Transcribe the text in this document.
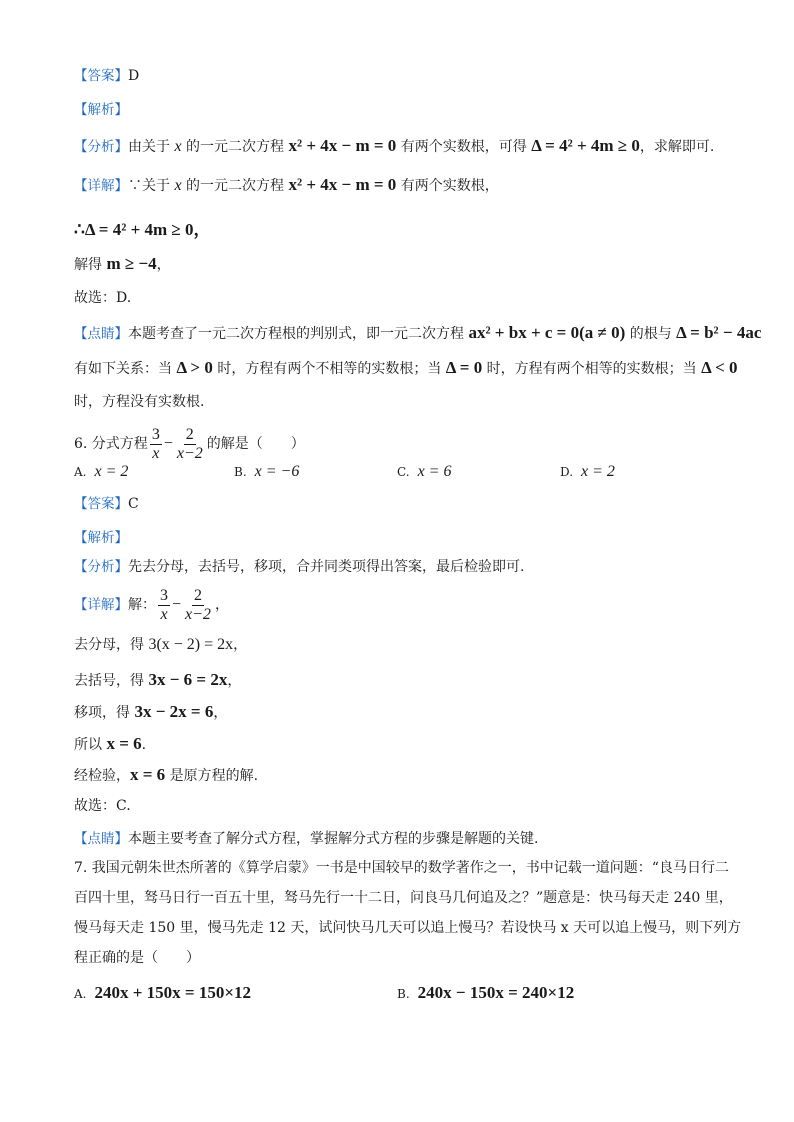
【答案】D
【解析】
【分析】由关于 x 的一元二次方程 x² + 4x − m = 0 有两个实数根，可得 Δ = 4² + 4m ≥ 0，求解即可.
【详解】∵关于 x 的一元二次方程 x² + 4x − m = 0 有两个实数根，
∴Δ = 4² + 4m ≥ 0，
解得 m ≥ −4，
故选：D.
【点睛】本题考查了一元二次方程根的判别式，即一元二次方程 ax² + bx + c = 0(a ≠ 0) 的根与 Δ = b² − 4ac
有如下关系：当 Δ > 0 时，方程有两个不相等的实数根；当 Δ = 0 时，方程有两个相等的实数根；当 Δ < 0
时，方程没有实数根.
6. 分式方程 $\frac{3}{x} - \frac{2}{x-2}$ 的解是（　　）
A. x = 2	B. x = −6	C. x = 6	D. x = 2
【答案】C
【解析】
【分析】先去分母，去括号，移项，合并同类项得出答案，最后检验即可.
【详解】解： $\frac{3}{x} - \frac{2}{x-2}$ ，
去分母，得 3(x − 2) = 2x，
去括号，得 3x − 6 = 2x，
移项，得 3x − 2x = 6，
所以 x = 6.
经检验，x = 6 是原方程的解.
故选：C.
【点睛】本题主要考查了解分式方程，掌握解分式方程的步骤是解题的关键.
7. 我国元朝朱世杰所著的《算学启蒙》一书是中国较早的数学著作之一，书中记载一道问题：“良马日行二
百四十里，驽马日行一百五十里，驽马先行一十二日，问良马几何追及之？”题意是：快马每天走 240 里，
慢马每天走 150 里，慢马先走 12 天，试问快马几天可以追上慢马？若设快马 x 天可以追上慢马，则下列方
程正确的是（　　）
A. 240x + 150x = 150×12	B. 240x − 150x = 240×12
